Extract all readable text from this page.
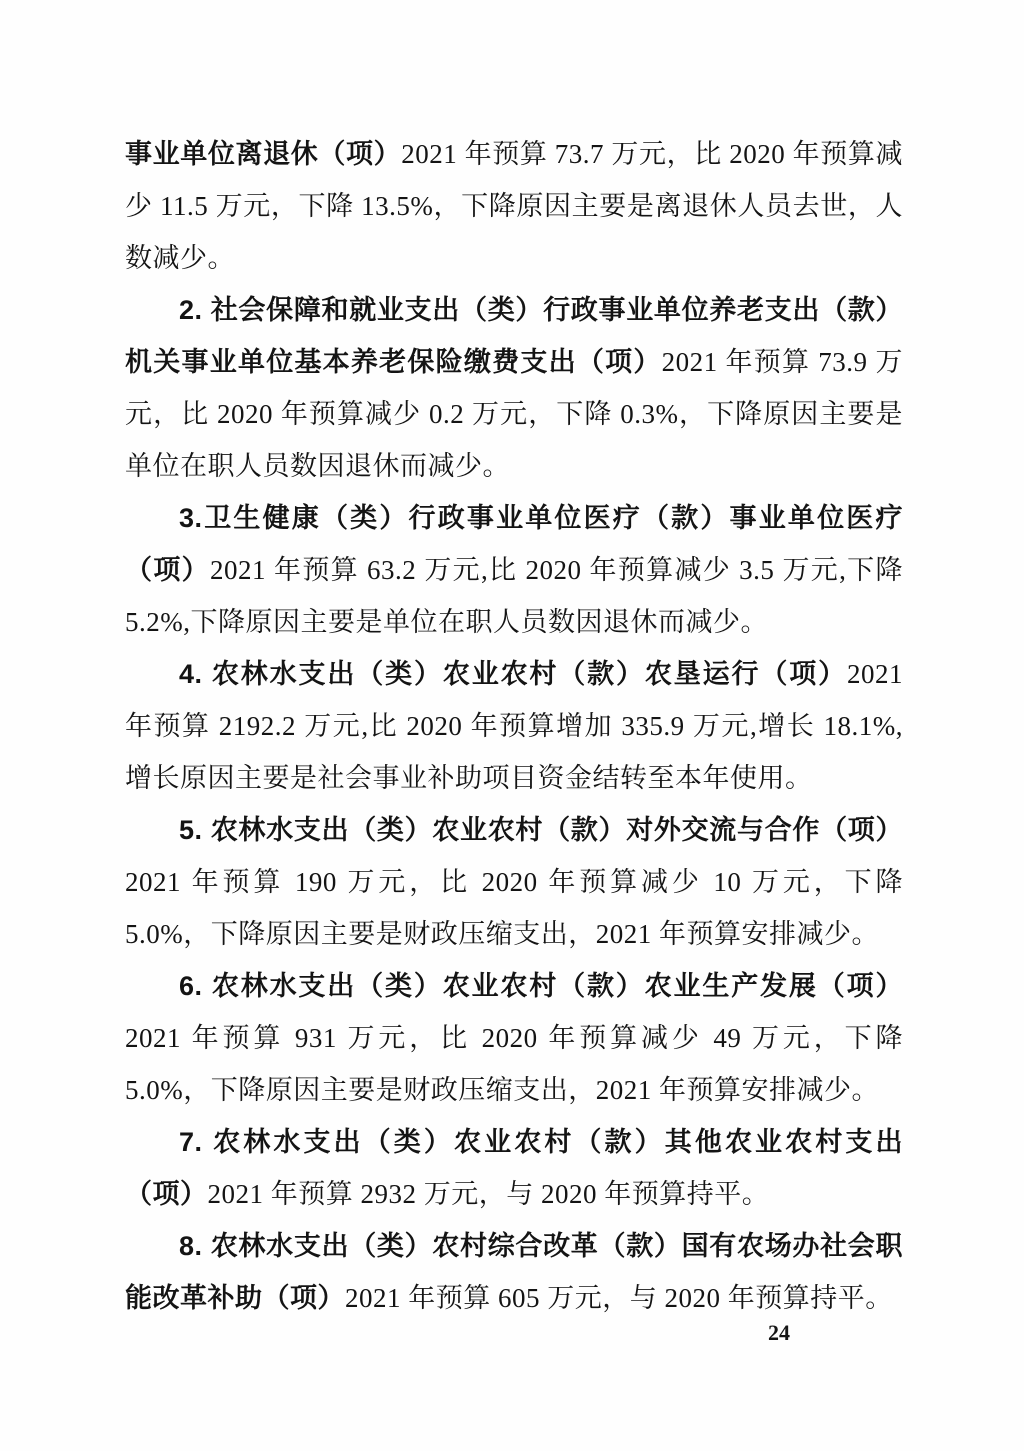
事业单位离退休（项）2021 年预算 73.7 万元，比 2020 年预算减少 11.5 万元，下降 13.5%，下降原因主要是离退休人员去世，人数减少。

2. 社会保障和就业支出（类）行政事业单位养老支出（款）机关事业单位基本养老保险缴费支出（项）2021 年预算 73.9 万元，比 2020 年预算减少 0.2 万元，下降 0.3%，下降原因主要是单位在职人员数因退休而减少。

3.卫生健康（类）行政事业单位医疗（款）事业单位医疗（项）2021 年预算 63.2 万元,比 2020 年预算减少 3.5 万元,下降 5.2%,下降原因主要是单位在职人员数因退休而减少。

4. 农林水支出（类）农业农村（款）农垦运行（项）2021 年预算 2192.2 万元,比 2020 年预算增加 335.9 万元,增长 18.1%,增长原因主要是社会事业补助项目资金结转至本年使用。

5. 农林水支出（类）农业农村（款）对外交流与合作（项）2021 年预算 190 万元，比 2020 年预算减少 10 万元，下降 5.0%，下降原因主要是财政压缩支出，2021 年预算安排减少。

6. 农林水支出（类）农业农村（款）农业生产发展（项）2021 年预算 931 万元，比 2020 年预算减少 49 万元，下降 5.0%，下降原因主要是财政压缩支出，2021 年预算安排减少。

7. 农林水支出（类）农业农村（款）其他农业农村支出（项）2021 年预算 2932 万元，与 2020 年预算持平。

8. 农林水支出（类）农村综合改革（款）国有农场办社会职能改革补助（项）2021 年预算 605 万元，与 2020 年预算持平。

24
